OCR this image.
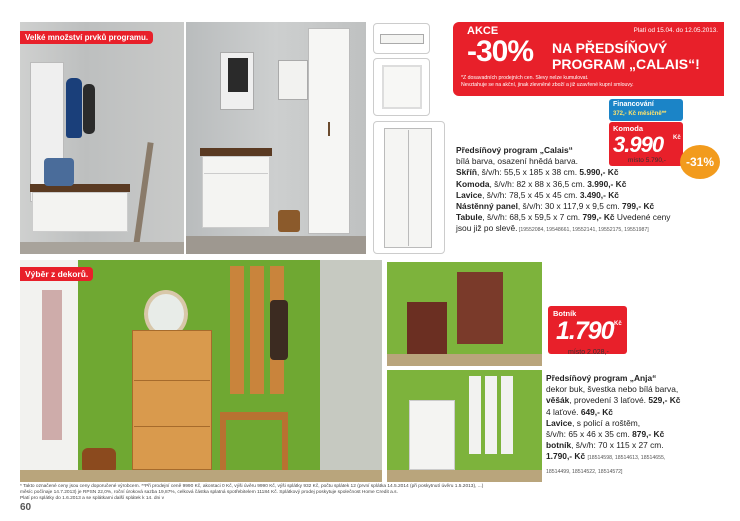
Velké množství prvků programu.
AKCE	Platí od 15.04. do 12.05.2013.
-30% NA PŘEDSÍŇOVÝ
PROGRAM „CALAIS“!
*Z dosavadních prodejních cen. Slevy nelze kumulovat.
Nevztahuje se na akční, jinak zlevněné zboží a již uzavřené kupní smlouvy.
Financování
372,- Kč měsíčně**
Komoda
3.990 Kč
místo 5.790,-	-31%
Předsíňový program „Calais“
bílá barva, osazení hnědá barva.
Skříň, š/v/h: 55,5 x 185 x 38 cm. 5.990,- Kč
Komoda, š/v/h: 82 x 88 x 36,5 cm. 3.990,- Kč
Lavice, š/v/h: 78,5 x 45 x 45 cm. 3.490,- Kč
Nástěnný panel, š/v/h: 30 x 117,9 x 9,5 cm. 799,- Kč
Tabule, š/v/h: 68,5 x 59,5 x 7 cm. 799,- Kč Uvedené ceny jsou již po slevě. [19552084, 19548661, 19552141, 19552175, 19551987]
Výběr z dekorů.
Botník
1.790 Kč
místo 2.028,-
Předsíňový program „Anja“
dekor buk, švestka nebo bílá barva,
věšák, provedení 3 laťové. 529,- Kč
4 laťové. 649,- Kč
Lavice, s policí a roštěm,
š/v/h: 65 x 46 x 35 cm. 879,- Kč
botník, š/v/h: 70 x 115 x 27 cm.
1.790,- Kč [18514598, 18514613, 18514655,
18514499, 18514522, 18514572]
* Takto označené ceny jsou ceny doporučené výrobcem. **Při prodejní ceně 9990 Kč, akontaci 0 Kč, výši úvěru 9990 Kč, výši splátky 932 Kč, počtu splátek 12 (první splátka 14.5.2014 (při poskytnutí úvěru 1.5.2013), ...)
měsíc počínaje 14.7.2013) je RPSN 22,0%, roční úroková sazba 19,87%, celková částka splatná spotřebitelem 11184 Kč. Splátkový prodej poskytuje společnost Home Credit a.s.
Platí pro splátky do 1.6.2013 a se splátkami další splátek k 14. dni v
60
